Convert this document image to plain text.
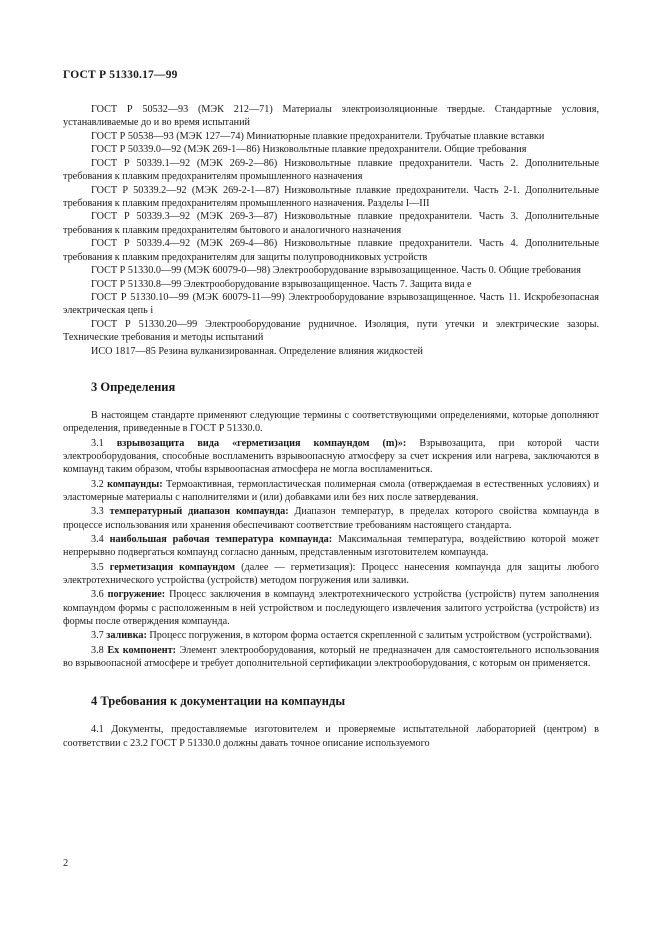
ГОСТ Р 51330.17—99

ГОСТ Р 50532—93 (МЭК 212—71) Материалы электроизоляционные твердые. Стандартные условия, устанавливаемые до и во время испытаний

ГОСТ Р 50538—93 (МЭК 127—74) Миниатюрные плавкие предохранители. Трубчатые плавкие вставки

ГОСТ Р 50339.0—92 (МЭК 269-1—86) Низковольтные плавкие предохранители. Общие требования

ГОСТ Р 50339.1—92 (МЭК 269-2—86) Низковольтные плавкие предохранители. Часть 2. Дополнительные требования к плавким предохранителям промышленного назначения

ГОСТ Р 50339.2—92 (МЭК 269-2-1—87) Низковольтные плавкие предохранители. Часть 2-1. Дополнительные требования к плавким предохранителям промышленного назначения. Разделы I—III

ГОСТ Р 50339.3—92 (МЭК 269-3—87) Низковольтные плавкие предохранители. Часть 3. Дополнительные требования к плавким предохранителям бытового и аналогичного назначения

ГОСТ Р 50339.4—92 (МЭК 269-4—86) Низковольтные плавкие предохранители. Часть 4. Дополнительные требования к плавким предохранителям для защиты полупроводниковых устройств

ГОСТ Р 51330.0—99 (МЭК 60079-0—98) Электрооборудование взрывозащищенное. Часть 0. Общие требования

ГОСТ Р 51330.8—99 Электрооборудование взрывозащищенное. Часть 7. Защита вида e

ГОСТ Р 51330.10—99 (МЭК 60079-11—99) Электрооборудование взрывозащищенное. Часть 11. Искробезопасная электрическая цепь i

ГОСТ Р 51330.20—99 Электрооборудование рудничное. Изоляция, пути утечки и электрические зазоры. Технические требования и методы испытаний

ИСО 1817—85 Резина вулканизированная. Определение влияния жидкостей

3 Определения

В настоящем стандарте применяют следующие термины с соответствующими определениями, которые дополняют определения, приведенные в ГОСТ Р 51330.0.

3.1 взрывозащита вида «герметизация компаундом (m)»: Взрывозащита, при которой части электрооборудования, способные воспламенить взрывоопасную атмосферу за счет искрения или нагрева, заключаются в компаунд таким образом, чтобы взрывоопасная атмосфера не могла воспламениться.

3.2 компаунды: Термоактивная, термопластическая полимерная смола (отверждаемая в естественных условиях) и эластомерные материалы с наполнителями и (или) добавками или без них после затвердевания.

3.3 температурный диапазон компаунда: Диапазон температур, в пределах которого свойства компаунда в процессе использования или хранения обеспечивают соответствие требованиям настоящего стандарта.

3.4 наибольшая рабочая температура компаунда: Максимальная температура, воздействию которой может непрерывно подвергаться компаунд согласно данным, представленным изготовителем компаунда.

3.5 герметизация компаундом (далее — герметизация): Процесс нанесения компаунда для защиты любого электротехнического устройства (устройств) методом погружения или заливки.

3.6 погружение: Процесс заключения в компаунд электротехнического устройства (устройств) путем заполнения компаундом формы с расположенным в ней устройством и последующего извлечения залитого устройства (устройств) из формы после отверждения компаунда.

3.7 заливка: Процесс погружения, в котором форма остается скрепленной с залитым устройством (устройствами).

3.8 Ex компонент: Элемент электрооборудования, который не предназначен для самостоятельного использования во взрывоопасной атмосфере и требует дополнительной сертификации электрооборудования, с которым он применяется.

4 Требования к документации на компаунды

4.1 Документы, предоставляемые изготовителем и проверяемые испытательной лабораторией (центром) в соответствии с 23.2 ГОСТ Р 51330.0 должны давать точное описание используемого

2
